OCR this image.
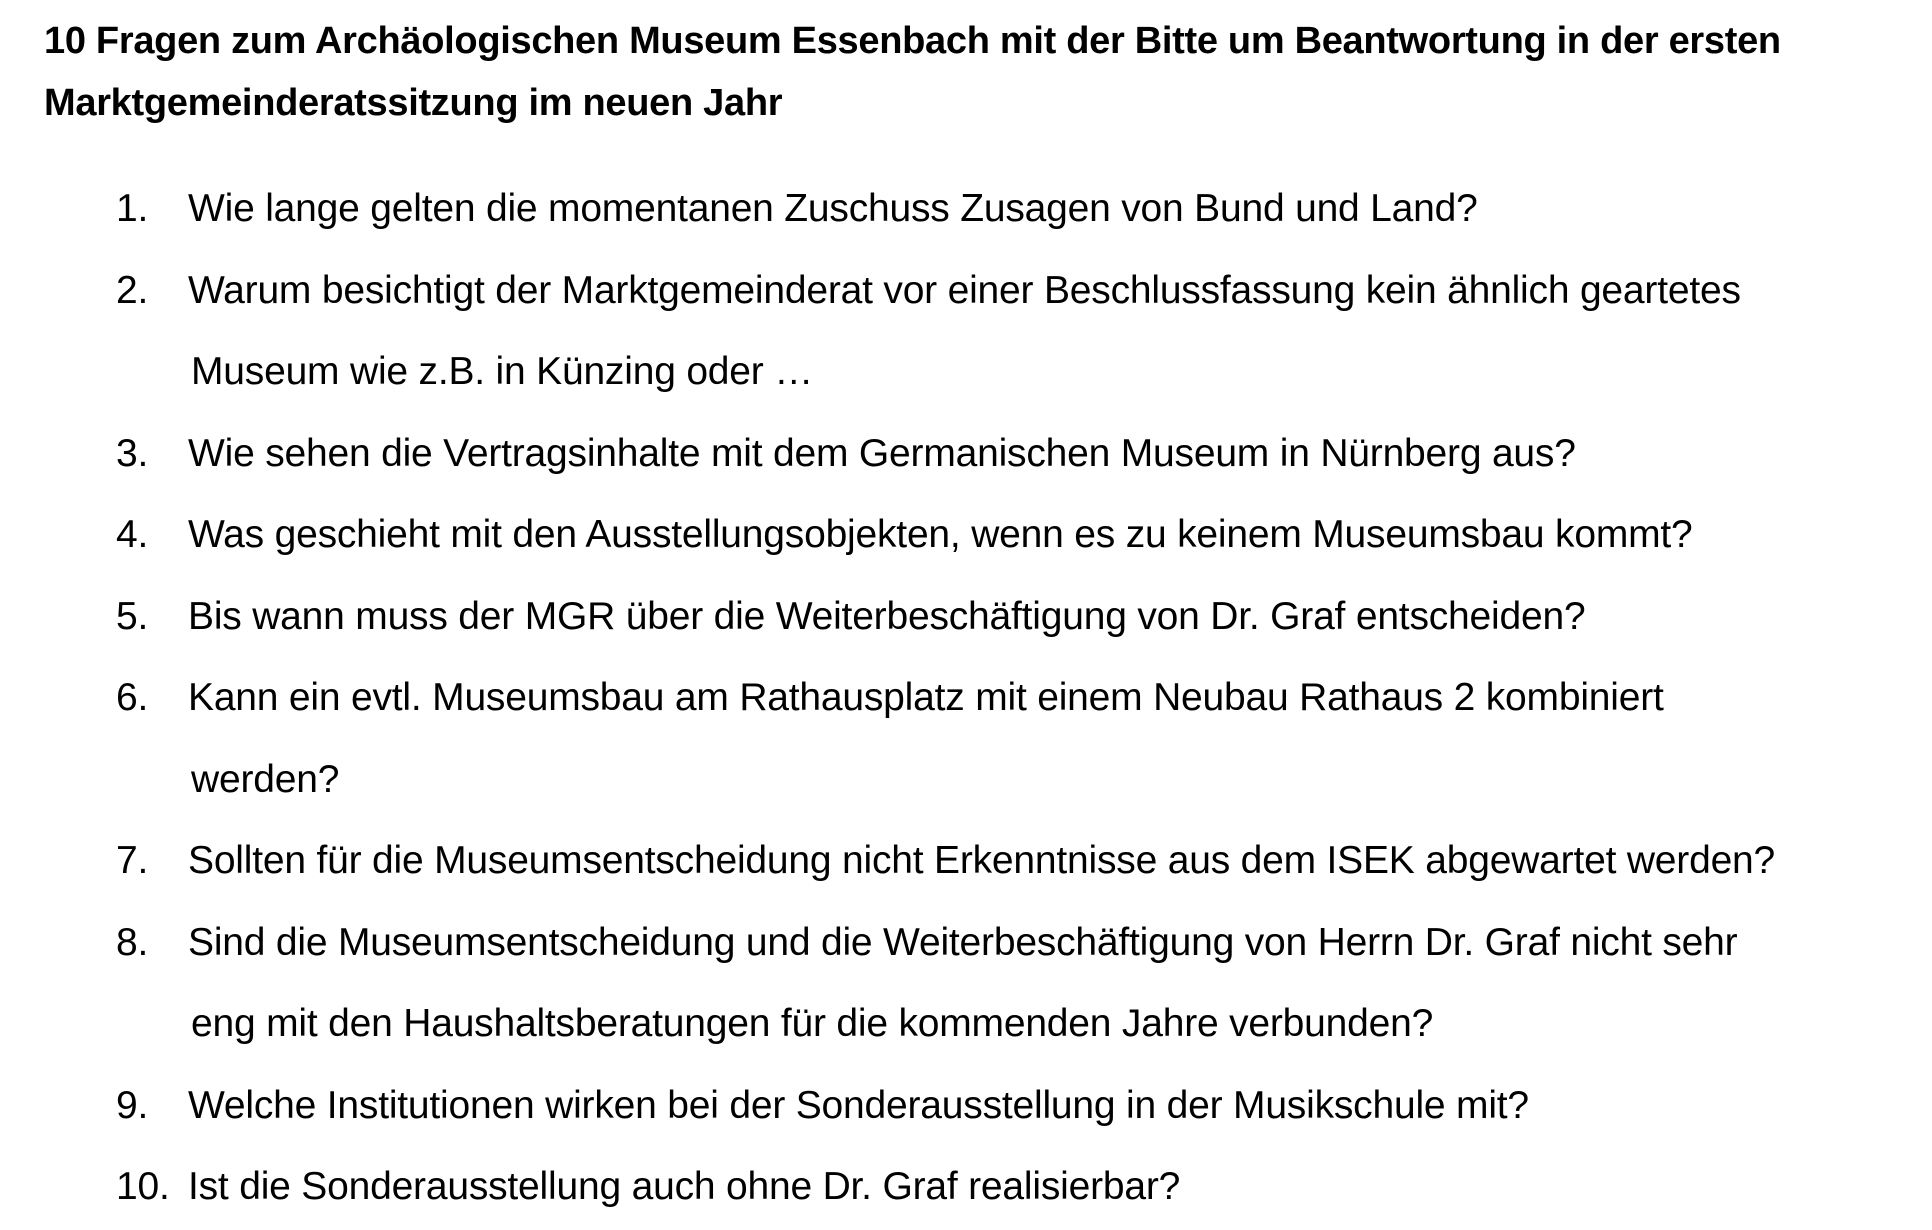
10 Fragen zum Archäologischen Museum Essenbach mit der Bitte um Beantwortung in der ersten
Marktgemeinderatssitzung im neuen Jahr
1. Wie lange gelten die momentanen Zuschuss Zusagen von Bund und Land?
2. Warum besichtigt der Marktgemeinderat vor einer Beschlussfassung kein ähnlich geartetes
Museum wie z.B. in Künzing oder …
3. Wie sehen die Vertragsinhalte mit dem Germanischen Museum in Nürnberg aus?
4. Was geschieht mit den Ausstellungsobjekten, wenn es zu keinem Museumsbau kommt?
5. Bis wann muss der MGR über die Weiterbeschäftigung von Dr. Graf entscheiden?
6. Kann ein evtl. Museumsbau am Rathausplatz mit einem Neubau Rathaus 2 kombiniert
werden?
7. Sollten für die Museumsentscheidung nicht Erkenntnisse aus dem ISEK abgewartet werden?
8. Sind die Museumsentscheidung und die Weiterbeschäftigung von Herrn Dr. Graf nicht sehr
eng mit den Haushaltsberatungen für die kommenden Jahre verbunden?
9. Welche Institutionen wirken bei der Sonderausstellung in der Musikschule mit?
10. Ist die Sonderausstellung auch ohne Dr. Graf realisierbar?
